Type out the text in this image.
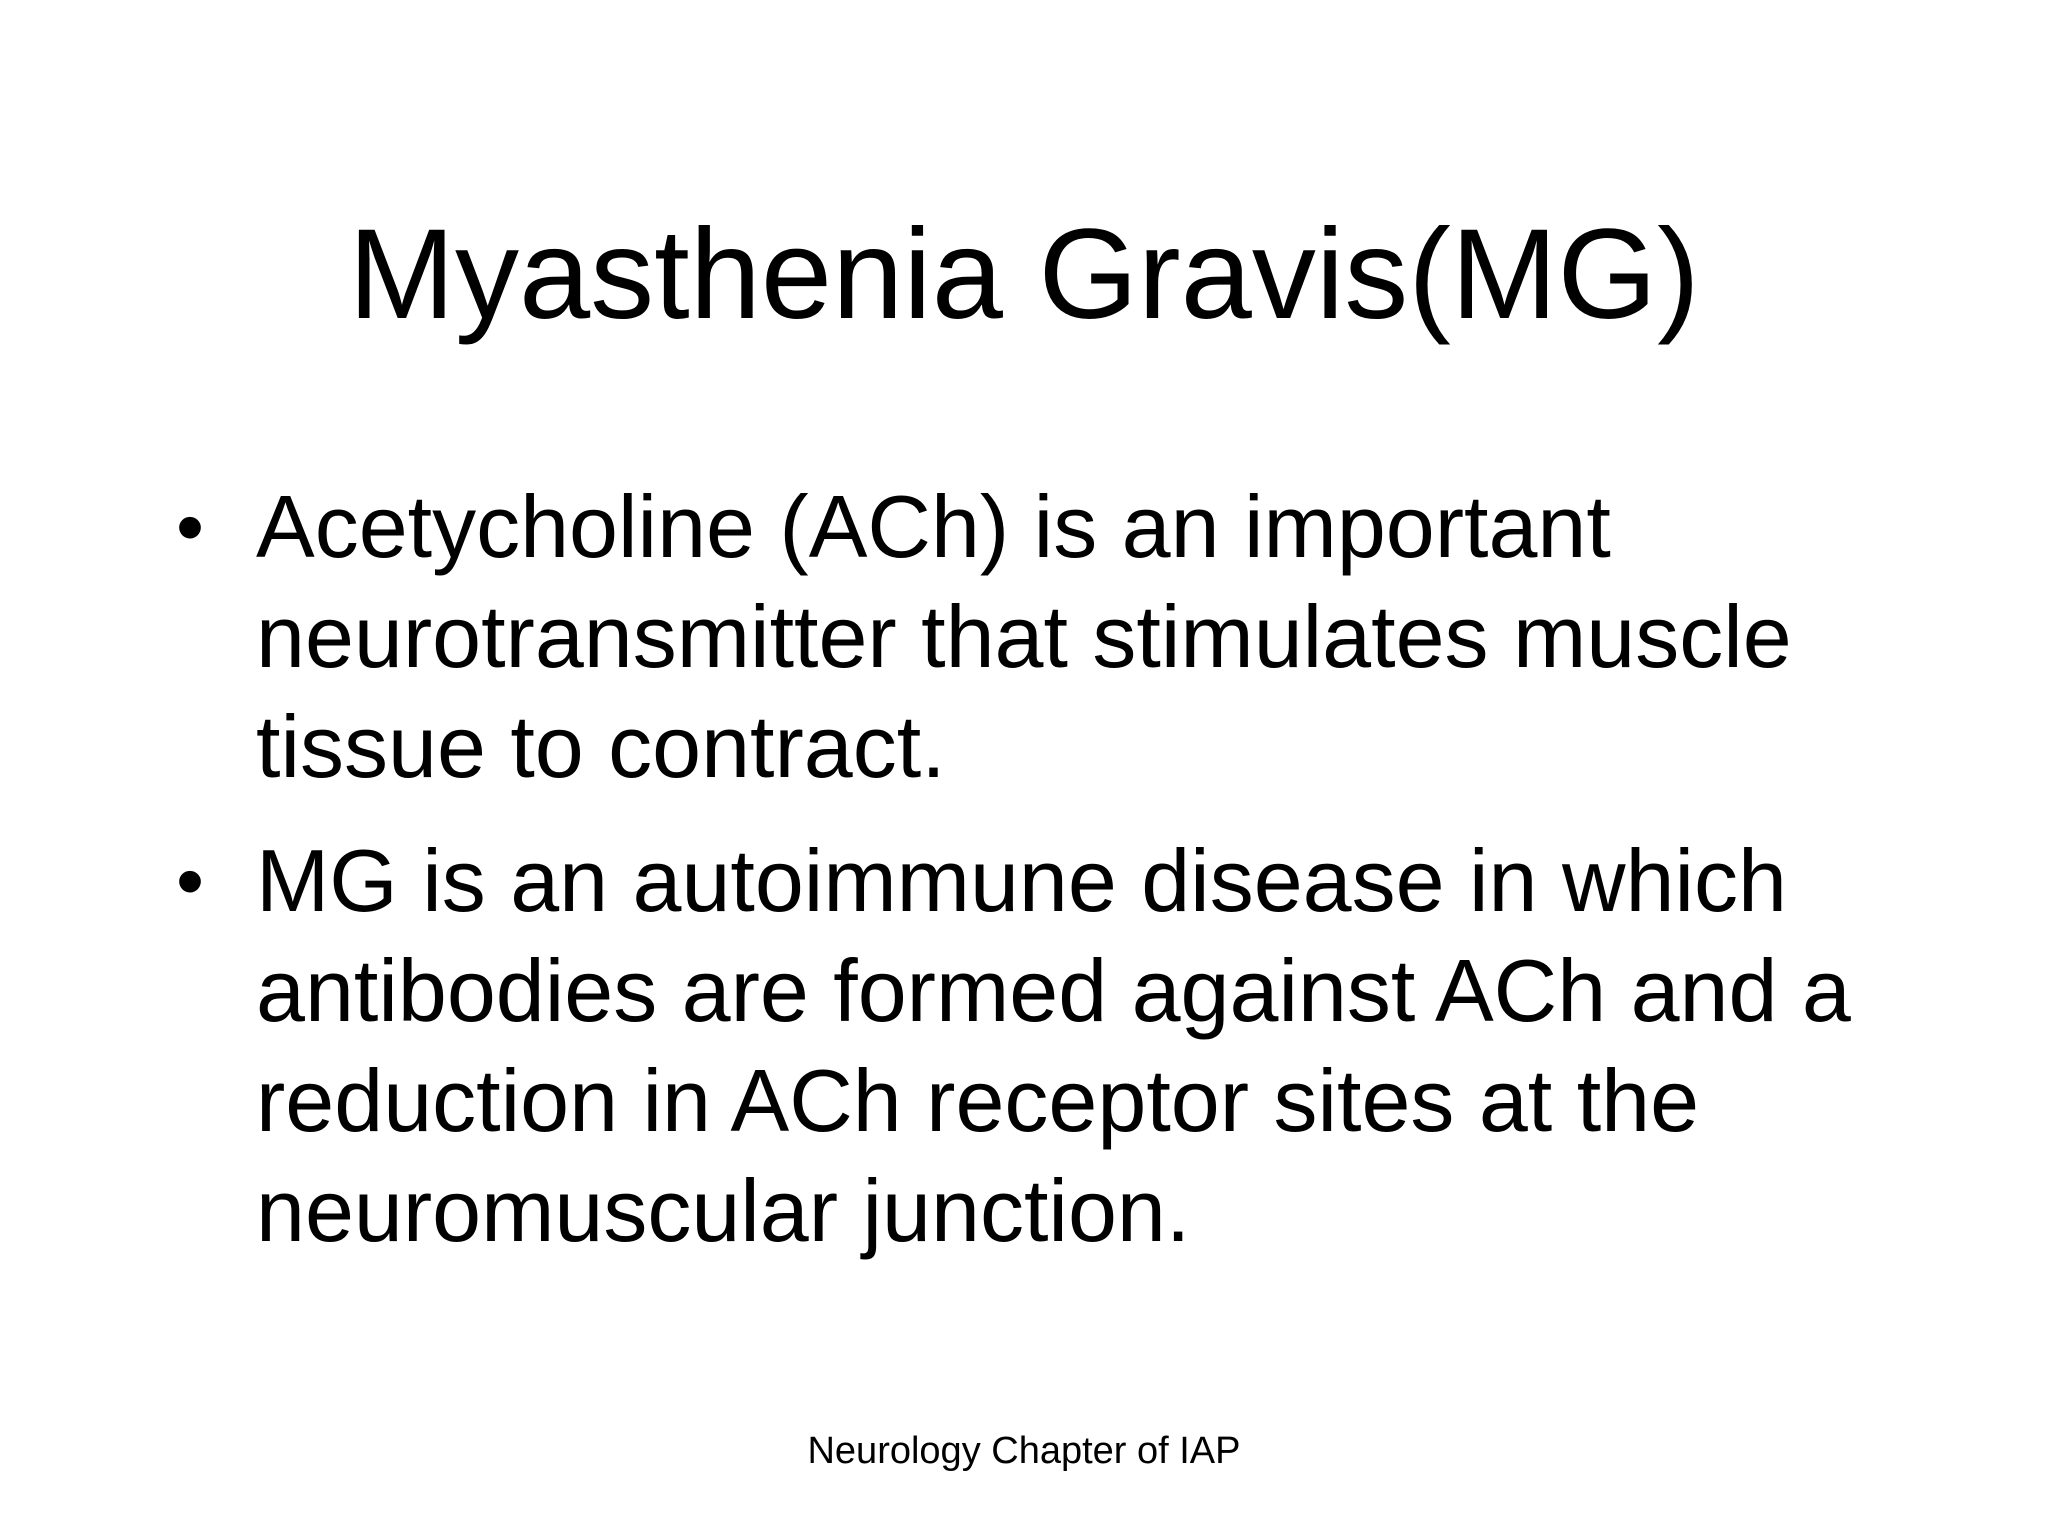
Myasthenia Gravis(MG)
• Acetycholine (ACh) is an important neurotransmitter that stimulates muscle tissue to contract.
• MG is an autoimmune disease in which antibodies are formed against ACh and a reduction in ACh receptor sites at the neuromuscular junction.
Neurology Chapter of IAP
